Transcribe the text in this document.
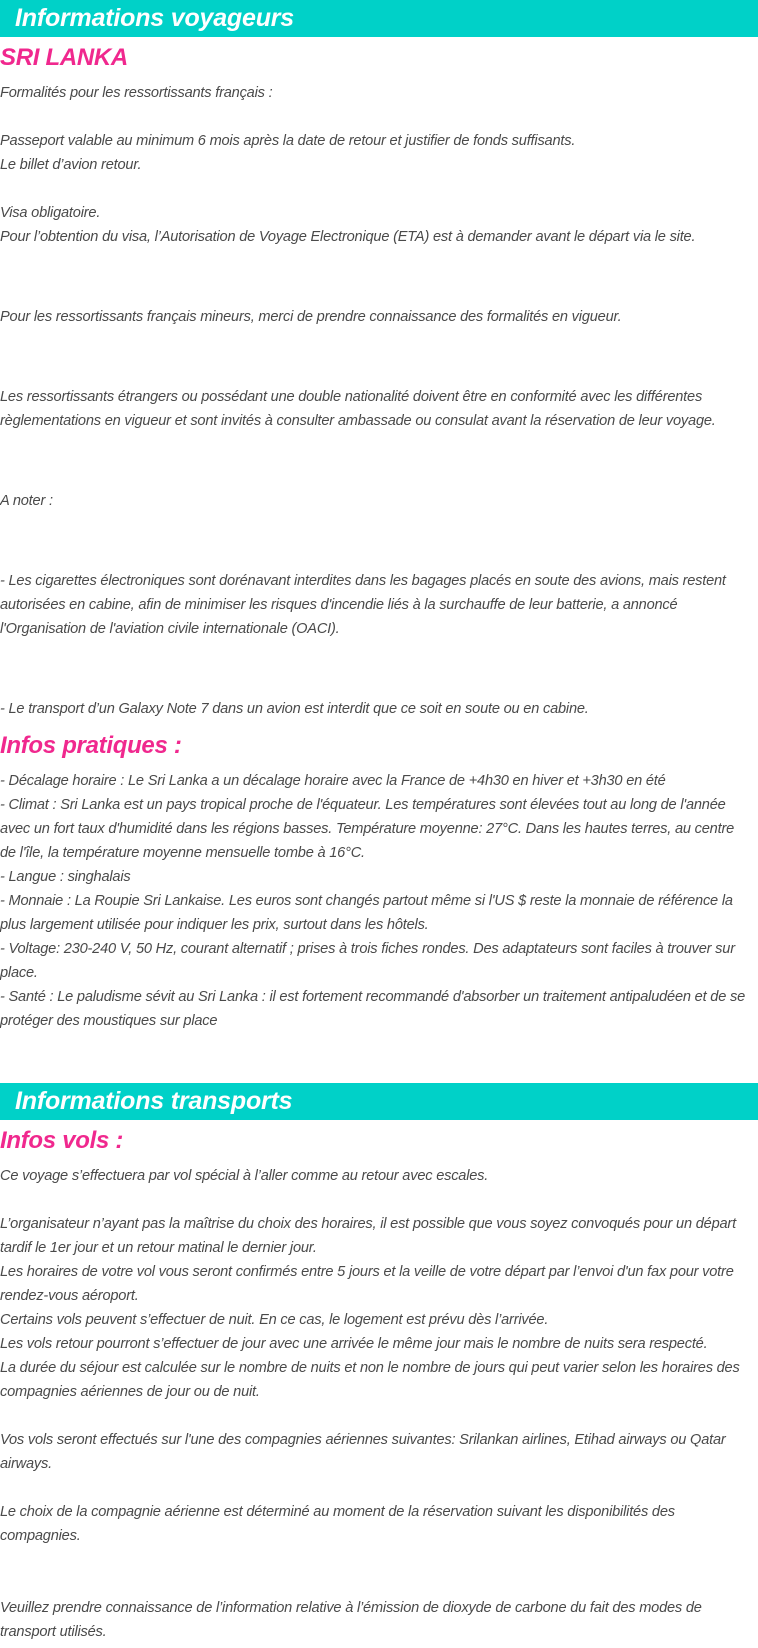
Informations voyageurs
SRI LANKA

Formalités pour les ressortissants français :

Passeport valable au minimum 6 mois après la date de retour et justifier de fonds suffisants.

Le billet d’avion retour.

Visa obligatoire.

Pour l’obtention du visa, l’Autorisation de Voyage Electronique (ETA) est à demander avant le départ via le site.

Pour les ressortissants français mineurs, merci de prendre connaissance des formalités en vigueur.

Les ressortissants étrangers ou possédant une double nationalité doivent être en conformité avec les différentes règlementations en vigueur et sont invités à consulter ambassade ou consulat avant la réservation de leur voyage.

A noter :

- Les cigarettes électroniques sont dorénavant interdites dans les bagages placés en soute des avions, mais restent autorisées en cabine, afin de minimiser les risques d'incendie liés à la surchauffe de leur batterie, a annoncé l'Organisation de l'aviation civile internationale (OACI).

- Le transport d’un Galaxy Note 7 dans un avion est interdit que ce soit en soute ou en cabine.

Infos pratiques :

- Décalage horaire : Le Sri Lanka a un décalage horaire avec la France de +4h30 en hiver et +3h30 en été

- Climat : Sri Lanka est un pays tropical proche de l'équateur. Les températures sont élevées tout au long de l'année avec un fort taux d'humidité dans les régions basses. Température moyenne: 27°C. Dans les hautes terres, au centre de l'île, la température moyenne mensuelle tombe à 16°C.

- Langue : singhalais

- Monnaie : La Roupie Sri Lankaise. Les euros sont changés partout même si l'US $ reste la monnaie de référence la plus largement utilisée pour indiquer les prix, surtout dans les hôtels.

- Voltage: 230-240 V, 50 Hz, courant alternatif ; prises à trois fiches rondes. Des adaptateurs sont faciles à trouver sur place.

- Santé : Le paludisme sévit au Sri Lanka : il est fortement recommandé d'absorber un traitement antipaludéen et de se protéger des moustiques sur place

Informations transports
Infos vols :

Ce voyage s’effectuera par vol spécial à l’aller comme au retour avec escales.

L’organisateur n’ayant pas la maîtrise du choix des horaires, il est possible que vous soyez convoqués pour un départ tardif le 1er jour et un retour matinal le dernier jour.

Les horaires de votre vol vous seront confirmés entre 5 jours et la veille de votre départ par l’envoi d'un fax pour votre rendez-vous aéroport.

Certains vols peuvent s’effectuer de nuit. En ce cas, le logement est prévu dès l’arrivée.

Les vols retour pourront s’effectuer de jour avec une arrivée le même jour mais le nombre de nuits sera respecté.

La durée du séjour est calculée sur le nombre de nuits et non le nombre de jours qui peut varier selon les horaires des compagnies aériennes de jour ou de nuit.

Vos vols seront effectués sur l'une des compagnies aériennes suivantes: Srilankan airlines, Etihad airways ou Qatar airways.

Le choix de la compagnie aérienne est déterminé au moment de la réservation suivant les disponibilités des compagnies.

Veuillez prendre connaissance de l’information relative à l’émission de dioxyde de carbone du fait des modes de transport utilisés.
